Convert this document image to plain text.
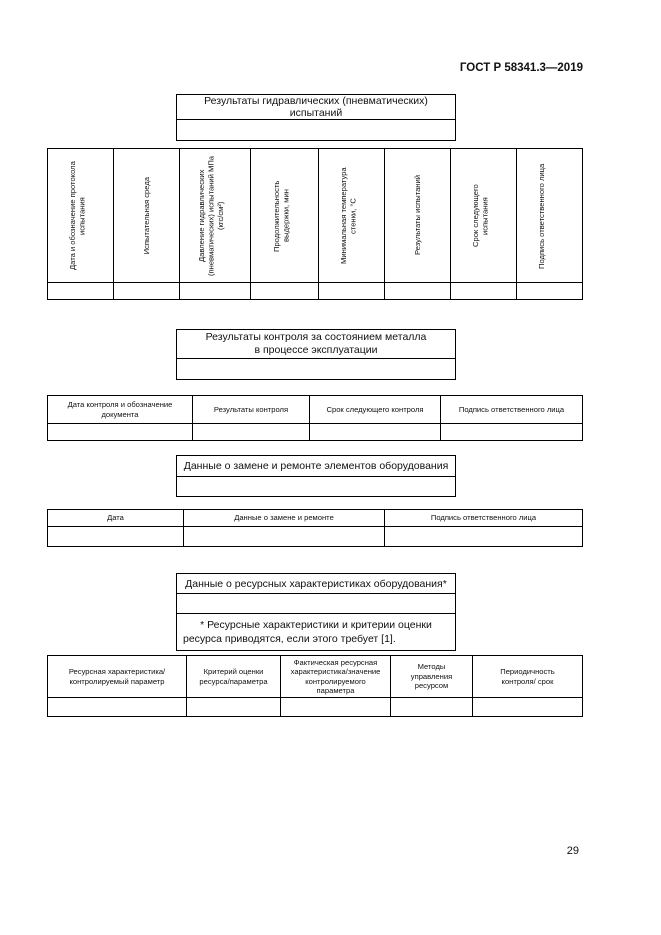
ГОСТ Р 58341.3—2019
Результаты гидравлических (пневматических) испытаний

Дата и обозначение протокола испытания	Испытательная среда	Давление гидравлических (пневматических) испытаний МПа (кгс/см²)	Продолжительность выдержки, мин	Минимальная температура стенки, °С	Результаты испытаний	Срок следующего испытания	Подпись ответственного лица

Результаты контроля за состоянием металла
в процессе эксплуатации

Дата контроля и обозначение документа	Результаты контроля	Срок следующего контроля	Подпись ответственного лица

Данные о замене и ремонте элементов оборудования

Дата	Данные о замене и ремонте	Подпись ответственного лица

Данные о ресурсных характеристиках оборудования*

* Ресурсные характеристики и критерии оценки ресурса приводятся, если этого требует [1].
Ресурсная характеристика/ контролируемый параметр	Критерий оценки ресурса/параметра	Фактическая ресурсная характеристика/значение контролируемого параметра	Методы управления ресурсом	Периодичность контроля/ срок

29
